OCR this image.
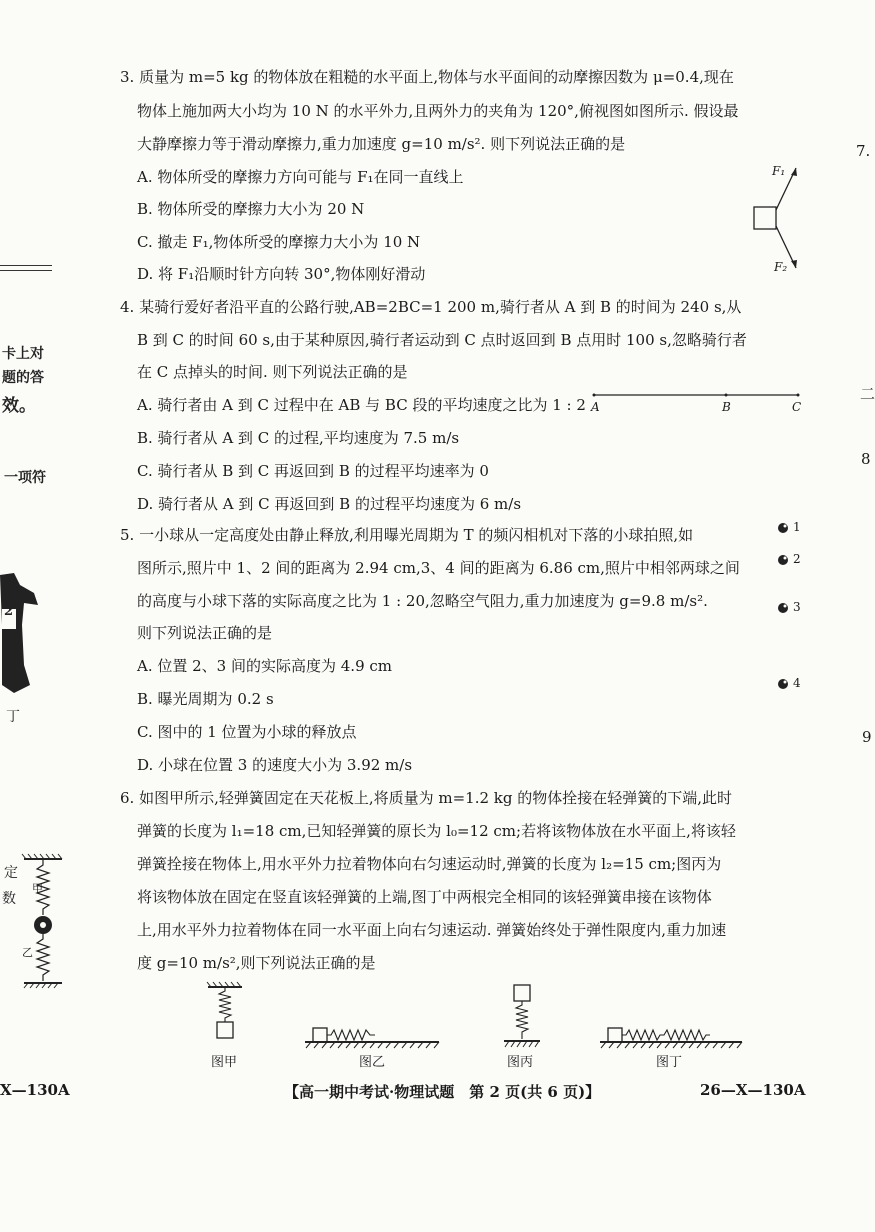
卡上对
题的答
效。
一项符
2
丁
定
数
甲
乙
X—130A
7.
二
8
9
3. 质量为 m=5 kg 的物体放在粗糙的水平面上,物体与水平面间的动摩擦因数为 μ=0.4,现在
物体上施加两大小均为 10 N 的水平外力,且两外力的夹角为 120°,俯视图如图所示. 假设最
大静摩擦力等于滑动摩擦力,重力加速度 g=10 m/s². 则下列说法正确的是
A. 物体所受的摩擦力方向可能与 F₁在同一直线上
B. 物体所受的摩擦力大小为 20 N
C. 撤走 F₁,物体所受的摩擦力大小为 10 N
D. 将 F₁沿顺时针方向转 30°,物体刚好滑动
F₁
F₂
4. 某骑行爱好者沿平直的公路行驶,AB=2BC=1 200 m,骑行者从 A 到 B 的时间为 240 s,从
B 到 C 的时间 60 s,由于某种原因,骑行者运动到 C 点时返回到 B 点用时 100 s,忽略骑行者
在 C 点掉头的时间. 则下列说法正确的是
A. 骑行者由 A 到 C 过程中在 AB 与 BC 段的平均速度之比为 1 : 2
B. 骑行者从 A 到 C 的过程,平均速度为 7.5 m/s
C. 骑行者从 B 到 C 再返回到 B 的过程平均速率为 0
D. 骑行者从 A 到 C 再返回到 B 的过程平均速度为 6 m/s
A	B	C
5. 一小球从一定高度处由静止释放,利用曝光周期为 T 的频闪相机对下落的小球拍照,如
图所示,照片中 1、2 间的距离为 2.94 cm,3、4 间的距离为 6.86 cm,照片中相邻两球之间
的高度与小球下落的实际高度之比为 1 : 20,忽略空气阻力,重力加速度为 g=9.8 m/s².
则下列说法正确的是
A. 位置 2、3 间的实际高度为 4.9 cm
B. 曝光周期为 0.2 s
C. 图中的 1 位置为小球的释放点
D. 小球在位置 3 的速度大小为 3.92 m/s
1
2
3
4
6. 如图甲所示,轻弹簧固定在天花板上,将质量为 m=1.2 kg 的物体拴接在轻弹簧的下端,此时
弹簧的长度为 l₁=18 cm,已知轻弹簧的原长为 l₀=12 cm;若将该物体放在水平面上,将该轻
弹簧拴接在物体上,用水平外力拉着物体向右匀速运动时,弹簧的长度为 l₂=15 cm;图丙为
将该物体放在固定在竖直该轻弹簧的上端,图丁中两根完全相同的该轻弹簧串接在该物体
上,用水平外力拉着物体在同一水平面上向右匀速运动. 弹簧始终处于弹性限度内,重力加速
度 g=10 m/s²,则下列说法正确的是
图甲	图乙	图丙	图丁
【高一期中考试·物理试题　第 2 页(共 6 页)】	26—X—130A
